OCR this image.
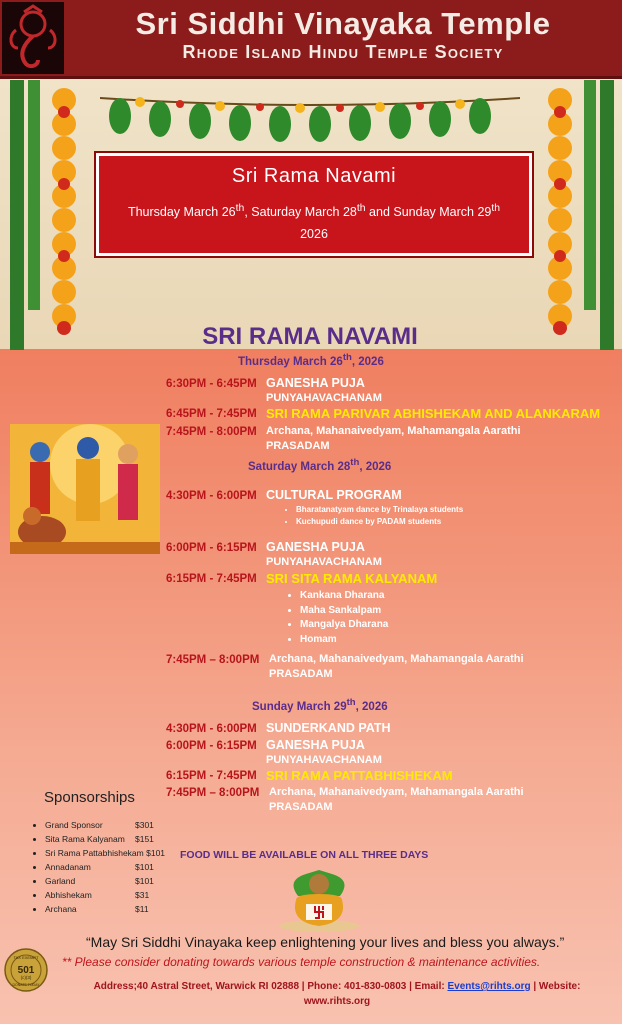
Sri Siddhi Vinayaka Temple
Rhode Island Hindu Temple Society
Sri Rama Navami
Thursday March 26th, Saturday March 28th and Sunday March 29th
2026
SRI RAMA NAVAMI
Thursday March 26th, 2026
6:30PM - 6:45PM GANESHA PUJA
PUNYAHAVACHANAM
6:45PM - 7:45PM SRI RAMA PARIVAR ABHISHEKAM AND ALANKARAM
7:45PM - 8:00PM Archana, Mahanaivedyam, Mahamangala Aarathi
PRASADAM
Saturday March 28th, 2026
4:30PM - 6:00PM CULTURAL PROGRAM
• Bharatanatyam dance by Trinalaya students
• Kuchupudi dance by PADAM students
6:00PM - 6:15PM GANESHA PUJA
PUNYAHAVACHANAM
6:15PM - 7:45PM SRI SITA RAMA KALYANAM
• Kankana Dharana
• Maha Sankalpam
• Mangalya Dharana
• Homam
7:45PM – 8:00PM Archana, Mahanaivedyam, Mahamangala Aarathi
PRASADAM
Sunday March 29th, 2026
4:30PM - 6:00PM SUNDERKAND PATH
6:00PM - 6:15PM GANESHA PUJA
PUNYAHAVACHANAM
6:15PM - 7:45PM SRI RAMA PATTABHISHEKAM
7:45PM – 8:00PM Archana, Mahanaivedyam, Mahamangala Aarathi
PRASADAM
Sponsorships
• Grand Sponsor	$301
• Sita Rama Kalyanam $151
• Sri Rama Pattabhishekam $101
• Annadanam	$101
• Garland	$101
• Abhishekam	$31
• Archana	$11
FOOD WILL BE AVAILABLE ON ALL THREE DAYS
TAX EXEMPT
501
(c)(3)
DONATE TODAY
“May Sri Siddhi Vinayaka keep enlightening your lives and bless you always.”
** Please consider donating towards various temple construction & maintenance activities.
Address;40 Astral Street, Warwick RI 02888 | Phone: 401-830-0803 | Email: Events@rihts.org | Website:
www.rihts.org
